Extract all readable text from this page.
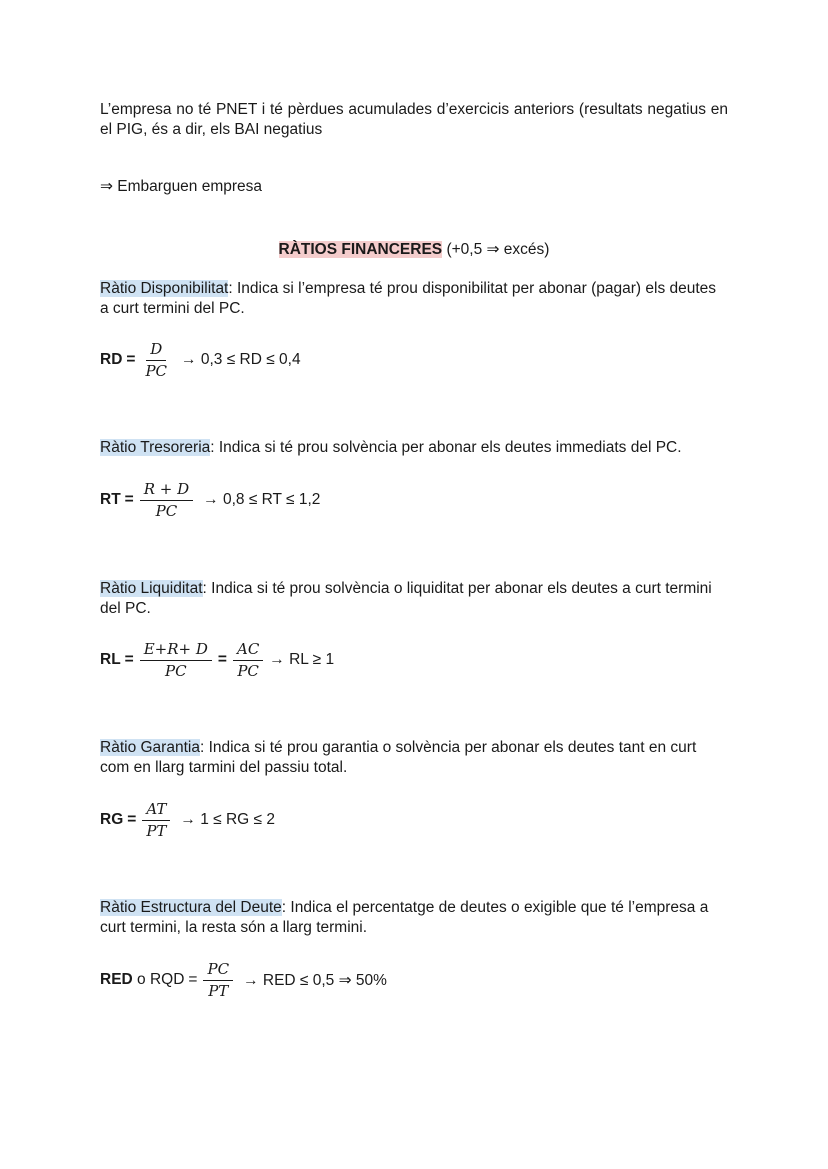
L’empresa no té PNET i té pèrdues acumulades d’exercicis anteriors (resultats negatius en el PIG, és a dir, els BAI negatius
⇒ Embarguen empresa
RÀTIOS FINANCERES (+0,5 ⇒ excés)
Ràtio Disponibilitat: Indica si l’empresa té prou disponibilitat per abonar (pagar) els deutes a curt termini del PC.
RD = $\frac{D}{PC} \to 0,3$ ≤ RD ≤ 0,4
Ràtio Tresoreria: Indica si té prou solvència per abonar els deutes immediats del PC.
RT = $\frac{R + D}{PC} \to 0,8$ ≤ RT ≤ 1,2
Ràtio Liquiditat: Indica si té prou solvència o liquiditat per abonar els deutes a curt termini del PC.
RL = $\frac{E+R+ D}{PC} = \frac{AC}{PC}$ → RL ≥ 1
Ràtio Garantia: Indica si té prou garantia o solvència per abonar els deutes tant en curt com en llarg tarmini del passiu total.
RG = $\frac{AT}{PT} \to 1$ ≤ RG ≤ 2
Ràtio Estructura del Deute: Indica el percentatge de deutes o exigible que té l’empresa a curt termini, la resta són a llarg termini.
RED o RQD = $\frac{PC}{PT}$ → RED ≤ 0,5 ⇒ 50%
